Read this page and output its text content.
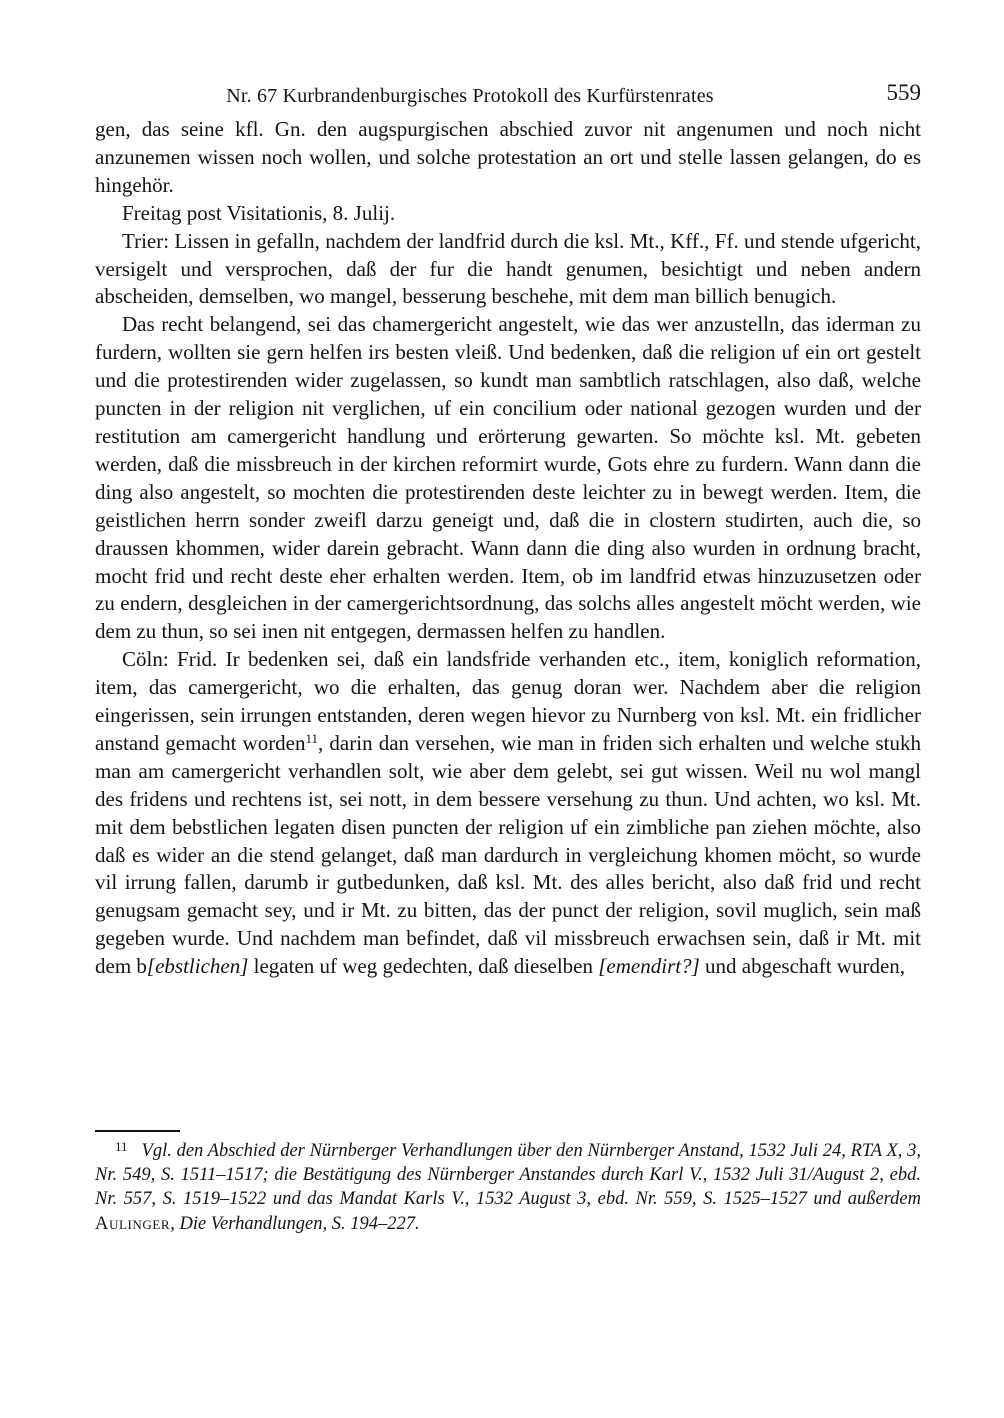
559
Nr. 67 Kurbrandenburgisches Protokoll des Kurfürstenrates

gen, das seine kfl. Gn. den augspurgischen abschied zuvor nit angenumen und noch nicht anzunemen wissen noch wollen, und solche protestation an ort und stelle lassen gelangen, do es hingehör.

Freitag post Visitationis, 8. Julij.

Trier: Lissen in gefalln, nachdem der landfrid durch die ksl. Mt., Kff., Ff. und stende ufgericht, versigelt und versprochen, daß der fur die handt genumen, besichtigt und neben andern abscheiden, demselben, wo mangel, besserung beschehe, mit dem man billich benugich.

Das recht belangend, sei das chamergericht angestelt, wie das wer anzustelln, das iderman zu furdern, wollten sie gern helfen irs besten vleiß. Und bedenken, daß die religion uf ein ort gestelt und die protestirenden wider zugelassen, so kundt man sambtlich ratschlagen, also daß, welche puncten in der religion nit verglichen, uf ein concilium oder national gezogen wurden und der restitution am camergericht handlung und erörterung gewarten. So möchte ksl. Mt. gebeten werden, daß die missbreuch in der kirchen reformirt wurde, Gots ehre zu furdern. Wann dann die ding also angestelt, so mochten die protestirenden deste leichter zu in bewegt werden. Item, die geistlichen herrn sonder zweifl darzu geneigt und, daß die in clostern studirten, auch die, so draussen khommen, wider darein gebracht. Wann dann die ding also wurden in ordnung bracht, mocht frid und recht deste eher erhalten werden. Item, ob im landfrid etwas hinzuzusetzen oder zu endern, desgleichen in der camergerichtsordnung, das solchs alles angestelt möcht werden, wie dem zu thun, so sei inen nit entgegen, dermassen helfen zu handlen.

Cöln: Frid. Ir bedenken sei, daß ein landsfride verhanden etc., item, koniglich reformation, item, das camergericht, wo die erhalten, das genug doran wer. Nachdem aber die religion eingerissen, sein irrungen entstanden, deren wegen hievor zu Nurnberg von ksl. Mt. ein fridlicher anstand gemacht worden$^{11}$, darin dan versehen, wie man in friden sich erhalten und welche stukh man am camergericht verhandlen solt, wie aber dem gelebt, sei gut wissen. Weil nu wol mangl des fridens und rechtens ist, sei nott, in dem bessere versehung zu thun. Und achten, wo ksl. Mt. mit dem bebstlichen legaten disen puncten der religion uf ein zimbliche pan ziehen möchte, also daß es wider an die stend gelanget, daß man dardurch in vergleichung khomen möcht, so wurde vil irrung fallen, darumb ir gutbedunken, daß ksl. Mt. des alles bericht, also daß frid und recht genugsam gemacht sey, und ir Mt. zu bitten, das der punct der religion, sovil muglich, sein maß gegeben wurde. Und nachdem man befindet, daß vil missbreuch erwachsen sein, daß ir Mt. mit dem b[ebstlichen] legaten uf weg gedechten, daß dieselben [emendirt?] und abgeschaft wurden,

$^{11}$ Vgl. den Abschied der Nürnberger Verhandlungen über den Nürnberger Anstand, 1532 Juli 24, RTA X, 3, Nr. 549, S. 1511–1517; die Bestätigung des Nürnberger Anstandes durch Karl V., 1532 Juli 31/August 2, ebd. Nr. 557, S. 1519–1522 und das Mandat Karls V., 1532 August 3, ebd. Nr. 559, S. 1525–1527 und außerdem Aulinger, Die Verhandlungen, S. 194–227.
